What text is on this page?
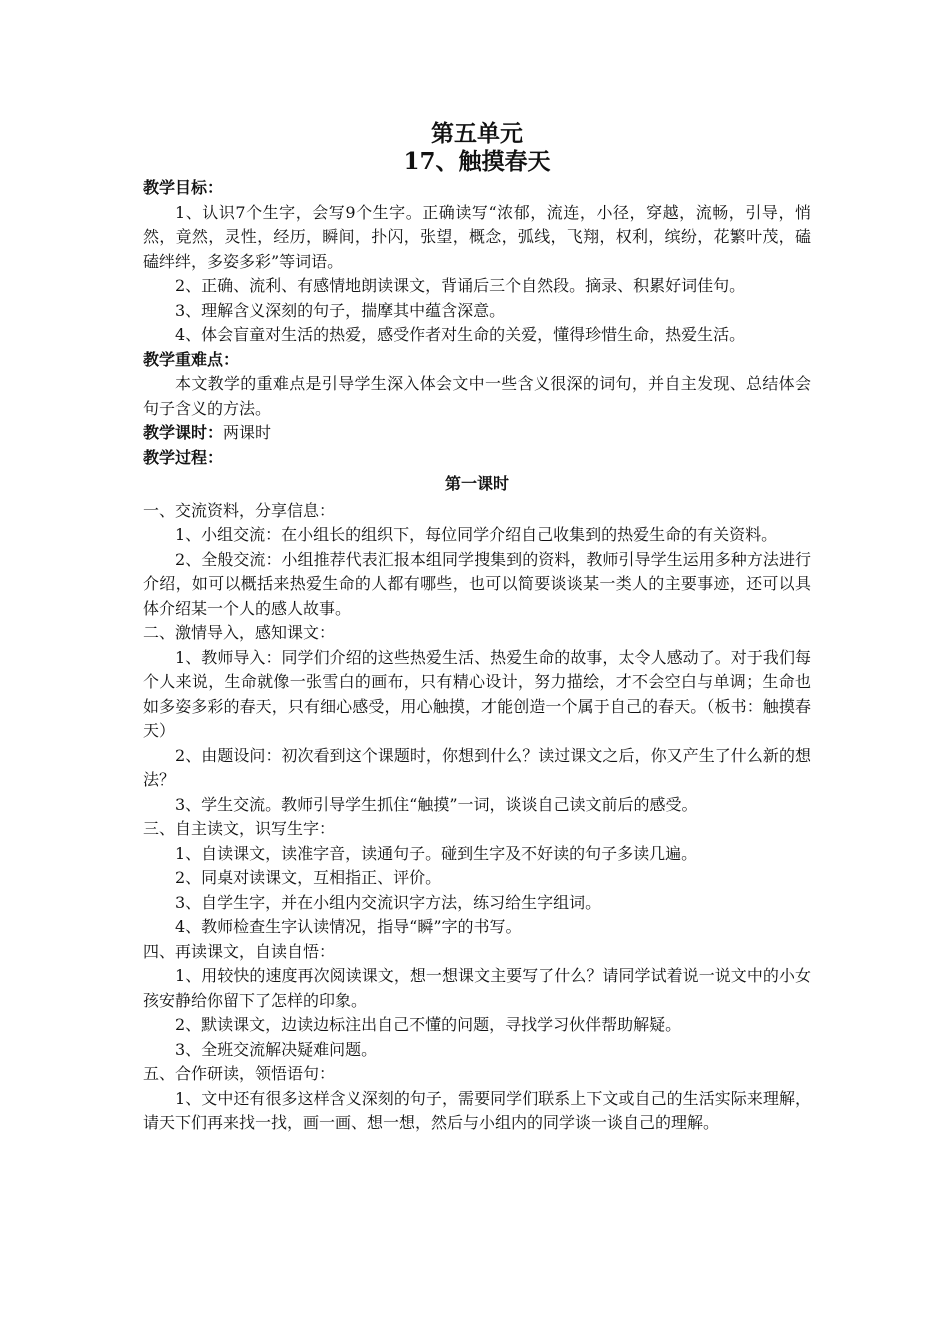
第五单元
17、触摸春天
教学目标：

1、认识7个生字，会写9个生字。正确读写“浓郁，流连，小径，穿越，流畅，引导，悄然，竟然，灵性，经历，瞬间，扑闪，张望，概念，弧线，飞翔，权利，缤纷，花繁叶茂，磕磕绊绊，多姿多彩”等词语。

2、正确、流利、有感情地朗读课文，背诵后三个自然段。摘录、积累好词佳句。

3、理解含义深刻的句子，揣摩其中蕴含深意。

4、体会盲童对生活的热爱，感受作者对生命的关爱，懂得珍惜生命，热爱生活。

教学重难点：

本文教学的重难点是引导学生深入体会文中一些含义很深的词句，并自主发现、总结体会句子含义的方法。

教学课时：两课时
教学过程：
第一课时
一、交流资料，分享信息：

1、小组交流：在小组长的组织下，每位同学介绍自己收集到的热爱生命的有关资料。

2、全般交流：小组推荐代表汇报本组同学搜集到的资料，教师引导学生运用多种方法进行介绍，如可以概括来热爱生命的人都有哪些，也可以简要谈谈某一类人的主要事迹，还可以具体介绍某一个人的感人故事。

二、激情导入，感知课文：

1、教师导入：同学们介绍的这些热爱生活、热爱生命的故事，太令人感动了。对于我们每个人来说，生命就像一张雪白的画布，只有精心设计，努力描绘，才不会空白与单调；生命也如多姿多彩的春天，只有细心感受，用心触摸，才能创造一个属于自己的春天。（板书：触摸春天）

2、由题设问：初次看到这个课题时，你想到什么？读过课文之后，你又产生了什么新的想法？

3、学生交流。教师引导学生抓住“触摸”一词，谈谈自己读文前后的感受。

三、自主读文，识写生字：

1、自读课文，读准字音，读通句子。碰到生字及不好读的句子多读几遍。

2、同桌对读课文，互相指正、评价。

3、自学生字，并在小组内交流识字方法，练习给生字组词。

4、教师检查生字认读情况，指导“瞬”字的书写。

四、再读课文，自读自悟：

1、用较快的速度再次阅读课文，想一想课文主要写了什么？请同学试着说一说文中的小女孩安静给你留下了怎样的印象。

2、默读课文，边读边标注出自己不懂的问题，寻找学习伙伴帮助解疑。

3、全班交流解决疑难问题。

五、合作研读，领悟语句：

1、文中还有很多这样含义深刻的句子，需要同学们联系上下文或自己的生活实际来理解，请天下们再来找一找，画一画、想一想，然后与小组内的同学谈一谈自己的理解。
